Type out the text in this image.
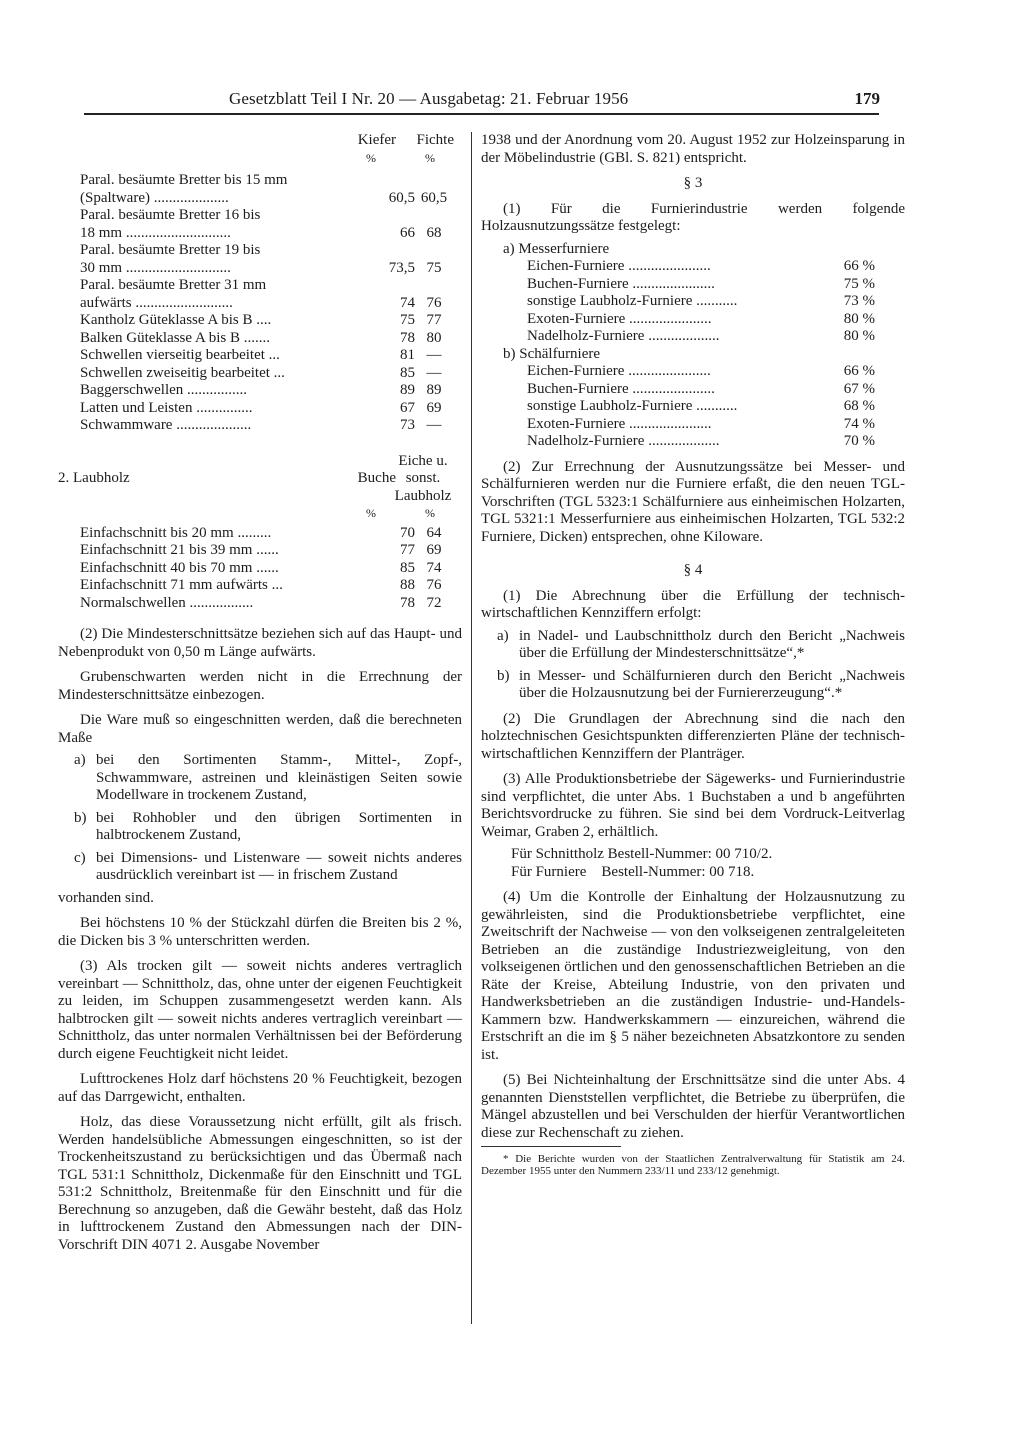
Gesetzblatt Teil I Nr. 20 — Ausgabetag: 21. Februar 1956	179
Kiefer Fichte
%	%
Paral. besäumte Bretter bis 15 mm
(Spaltware) ....................	60,5 60,5
Paral. besäumte Bretter 16 bis
18 mm ............................	66 68
Paral. besäumte Bretter 19 bis
30 mm ............................	73,5 75
Paral. besäumte Bretter 31 mm
aufwärts ..........................	74 76
Kantholz Güteklasse A bis B ....	75 77
Balken Güteklasse A bis B .......	78 80
Schwellen vierseitig bearbeitet ...	81 —
Schwellen zweiseitig bearbeitet ...	85 —
Baggerschwellen ................	89 89
Latten und Leisten ...............	67 69
Schwammware ....................	73 —
2. Laubholz	Buche
Eiche u.
sonst.
Laubholz
%	%
Einfachschnitt bis 20 mm .........	70 64
Einfachschnitt 21 bis 39 mm ......	77 69
Einfachschnitt 40 bis 70 mm ......	85 74
Einfachschnitt 71 mm aufwärts ...	88 76
Normalschwellen .................	78 72

(2) Die Mindesterschnittsätze beziehen sich auf das Haupt- und Nebenprodukt von 0,50 m Länge aufwärts.

Grubenschwarten werden nicht in die Errechnung der Mindesterschnittsätze einbezogen.

Die Ware muß so eingeschnitten werden, daß die berechneten Maße

a) bei den Sortimenten Stamm-, Mittel-, Zopf-, Schwammware, astreinen und kleinästigen Seiten sowie Modellware in trockenem Zustand,
b) bei Rohhobler und den übrigen Sortimenten in halbtrockenem Zustand,
c) bei Dimensions- und Listenware — soweit nichts anderes ausdrücklich vereinbart ist — in frischem Zustand

vorhanden sind.

Bei höchstens 10 % der Stückzahl dürfen die Breiten bis 2 %, die Dicken bis 3 % unterschritten werden.

(3) Als trocken gilt — soweit nichts anderes vertraglich vereinbart — Schnittholz, das, ohne unter der eigenen Feuchtigkeit zu leiden, im Schuppen zusammengesetzt werden kann. Als halbtrocken gilt — soweit nichts anderes vertraglich vereinbart — Schnittholz, das unter normalen Verhältnissen bei der Beförderung durch eigene Feuchtigkeit nicht leidet.

Lufttrockenes Holz darf höchstens 20 % Feuchtigkeit, bezogen auf das Darrgewicht, enthalten.

Holz, das diese Voraussetzung nicht erfüllt, gilt als frisch. Werden handelsübliche Abmessungen eingeschnitten, so ist der Trockenheitszustand zu berücksichtigen und das Übermaß nach TGL 531:1 Schnittholz, Dickenmaße für den Einschnitt und TGL 531:2 Schnittholz, Breitenmaße für den Einschnitt und für die Berechnung so anzugeben, daß die Gewähr besteht, daß das Holz in lufttrockenem Zustand den Abmessungen nach der DIN-Vorschrift DIN 4071 2. Ausgabe November

1938 und der Anordnung vom 20. August 1952 zur Holzeinsparung in der Möbelindustrie (GBl. S. 821) entspricht.

§ 3

(1) Für die Furnierindustrie werden folgende Holzausnutzungssätze festgelegt:

a) Messerfurniere
Eichen-Furniere ......................	66 %
Buchen-Furniere ......................	75 %
sonstige Laubholz-Furniere ...........	73 %
Exoten-Furniere ......................	80 %
Nadelholz-Furniere ...................	80 %
b) Schälfurniere
Eichen-Furniere ......................	66 %
Buchen-Furniere ......................	67 %
sonstige Laubholz-Furniere ...........	68 %
Exoten-Furniere ......................	74 %
Nadelholz-Furniere ...................	70 %

(2) Zur Errechnung der Ausnutzungssätze bei Messer- und Schälfurnieren werden nur die Furniere erfaßt, die den neuen TGL-Vorschriften (TGL 5323:1 Schälfurniere aus einheimischen Holzarten, TGL 5321:1 Messerfurniere aus einheimischen Holzarten, TGL 532:2 Furniere, Dicken) entsprechen, ohne Kiloware.

§ 4

(1) Die Abrechnung über die Erfüllung der technisch-wirtschaftlichen Kennziffern erfolgt:

a) in Nadel- und Laubschnittholz durch den Bericht „Nachweis über die Erfüllung der Mindesterschnittsätze“,*
b) in Messer- und Schälfurnieren durch den Bericht „Nachweis über die Holzausnutzung bei der Furniererzeugung“.*

(2) Die Grundlagen der Abrechnung sind die nach den holztechnischen Gesichtspunkten differenzierten Pläne der technisch-wirtschaftlichen Kennziffern der Planträger.

(3) Alle Produktionsbetriebe der Sägewerks- und Furnierindustrie sind verpflichtet, die unter Abs. 1 Buchstaben a und b angeführten Berichtsvordrucke zu führen. Sie sind bei dem Vordruck-Leitverlag Weimar, Graben 2, erhältlich.

Für Schnittholz Bestell-Nummer: 00 710/2.
Für Furniere    Bestell-Nummer: 00 718.

(4) Um die Kontrolle der Einhaltung der Holzausnutzung zu gewährleisten, sind die Produktionsbetriebe verpflichtet, eine Zweitschrift der Nachweise — von den volkseigenen zentralgeleiteten Betrieben an die zuständige Industriezweigleitung, von den volkseigenen örtlichen und den genossenschaftlichen Betrieben an die Räte der Kreise, Abteilung Industrie, von den privaten und Handwerksbetrieben an die zuständigen Industrie- und-Handels-Kammern bzw. Handwerkskammern — einzureichen, während die Erstschrift an die im § 5 näher bezeichneten Absatzkontore zu senden ist.

(5) Bei Nichteinhaltung der Erschnittsätze sind die unter Abs. 4 genannten Dienststellen verpflichtet, die Betriebe zu überprüfen, die Mängel abzustellen und bei Verschulden der hierfür Verantwortlichen diese zur Rechenschaft zu ziehen.

* Die Berichte wurden von der Staatlichen Zentralverwaltung für Statistik am 24. Dezember 1955 unter den Nummern 233/11 und 233/12 genehmigt.
